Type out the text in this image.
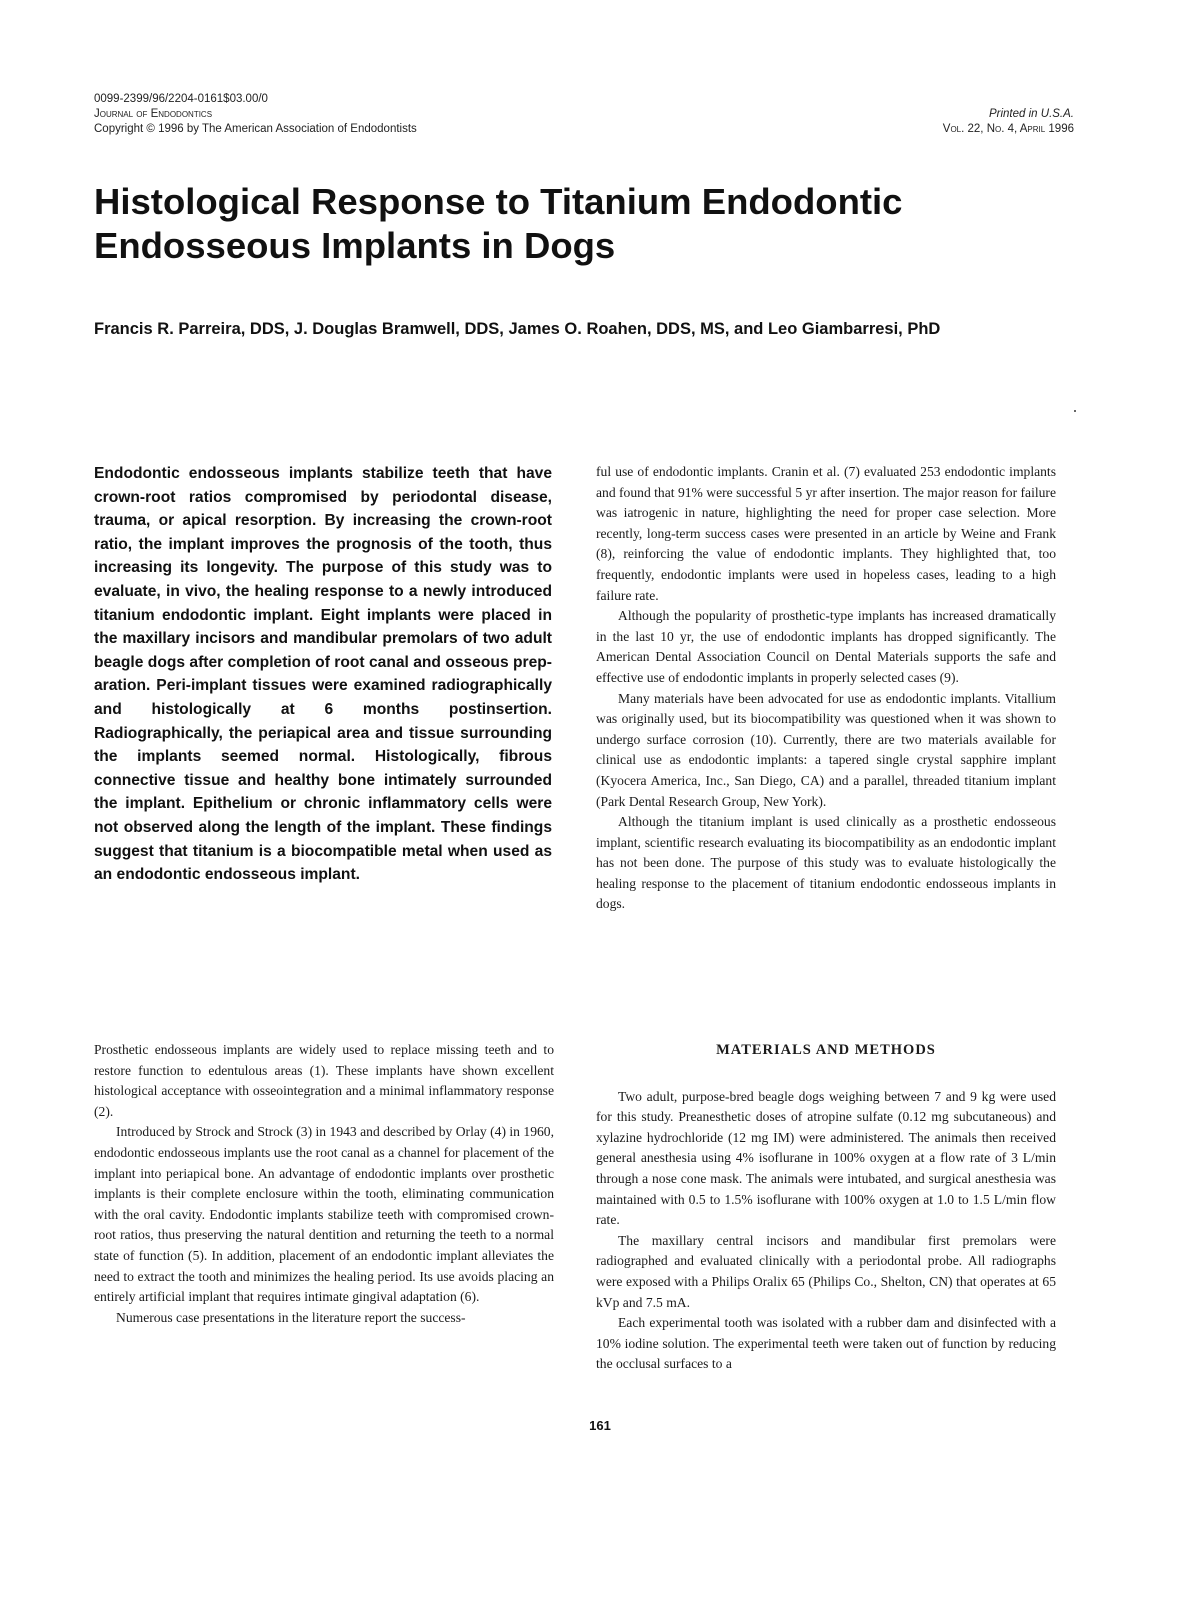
0099-2399/96/2204-0161$03.00/0
Journal of Endodontics
Copyright © 1996 by The American Association of Endodontists
Printed in U.S.A.
Vol. 22, No. 4, April 1996
Histological Response to Titanium Endodontic Endosseous Implants in Dogs

Francis R. Parreira, DDS, J. Douglas Bramwell, DDS, James O. Roahen, DDS, MS, and Leo Giambarresi, PhD

Endodontic endosseous implants stabilize teeth that have crown-root ratios compromised by periodontal disease, trauma, or apical resorption. By increasing the crown-root ratio, the implant improves the prognosis of the tooth, thus increasing its longevity. The purpose of this study was to evaluate, in vivo, the healing response to a newly introduced titanium endodontic implant. Eight implants were placed in the maxillary incisors and mandibular premolars of two adult beagle dogs after completion of root canal and osseous preparation. Peri-implant tissues were examined radiographically and histologically at 6 months postinsertion. Radiographically, the periapical area and tissue surrounding the implants seemed normal. Histologically, fibrous connective tissue and healthy bone intimately surrounded the implant. Epithelium or chronic inflammatory cells were not observed along the length of the implant. These findings suggest that titanium is a biocompatible metal when used as an endodontic endosseous implant.

ful use of endodontic implants. Cranin et al. (7) evaluated 253 endodontic implants and found that 91% were successful 5 yr after insertion. The major reason for failure was iatrogenic in nature, highlighting the need for proper case selection. More recently, long-term success cases were presented in an article by Weine and Frank (8), reinforcing the value of endodontic implants. They highlighted that, too frequently, endodontic implants were used in hopeless cases, leading to a high failure rate.

Although the popularity of prosthetic-type implants has increased dramatically in the last 10 yr, the use of endodontic implants has dropped significantly. The American Dental Association Council on Dental Materials supports the safe and effective use of endodontic implants in properly selected cases (9).

Many materials have been advocated for use as endodontic implants. Vitallium was originally used, but its biocompatibility was questioned when it was shown to undergo surface corrosion (10). Currently, there are two materials available for clinical use as endodontic implants: a tapered single crystal sapphire implant (Kyocera America, Inc., San Diego, CA) and a parallel, threaded titanium implant (Park Dental Research Group, New York).

Although the titanium implant is used clinically as a prosthetic endosseous implant, scientific research evaluating its biocompatibility as an endodontic implant has not been done. The purpose of this study was to evaluate histologically the healing response to the placement of titanium endodontic endosseous implants in dogs.

Prosthetic endosseous implants are widely used to replace missing teeth and to restore function to edentulous areas (1). These implants have shown excellent histological acceptance with osseointegration and a minimal inflammatory response (2).

Introduced by Strock and Strock (3) in 1943 and described by Orlay (4) in 1960, endodontic endosseous implants use the root canal as a channel for placement of the implant into periapical bone. An advantage of endodontic implants over prosthetic implants is their complete enclosure within the tooth, eliminating communication with the oral cavity. Endodontic implants stabilize teeth with compromised crown-root ratios, thus preserving the natural dentition and returning the teeth to a normal state of function (5). In addition, placement of an endodontic implant alleviates the need to extract the tooth and minimizes the healing period. Its use avoids placing an entirely artificial implant that requires intimate gingival adaptation (6).

Numerous case presentations in the literature report the success-

MATERIALS AND METHODS

Two adult, purpose-bred beagle dogs weighing between 7 and 9 kg were used for this study. Preanesthetic doses of atropine sulfate (0.12 mg subcutaneous) and xylazine hydrochloride (12 mg IM) were administered. The animals then received general anesthesia using 4% isoflurane in 100% oxygen at a flow rate of 3 L/min through a nose cone mask. The animals were intubated, and surgical anesthesia was maintained with 0.5 to 1.5% isoflurane with 100% oxygen at 1.0 to 1.5 L/min flow rate.

The maxillary central incisors and mandibular first premolars were radiographed and evaluated clinically with a periodontal probe. All radiographs were exposed with a Philips Oralix 65 (Philips Co., Shelton, CN) that operates at 65 kVp and 7.5 mA.

Each experimental tooth was isolated with a rubber dam and disinfected with a 10% iodine solution. The experimental teeth were taken out of function by reducing the occlusal surfaces to a

161
